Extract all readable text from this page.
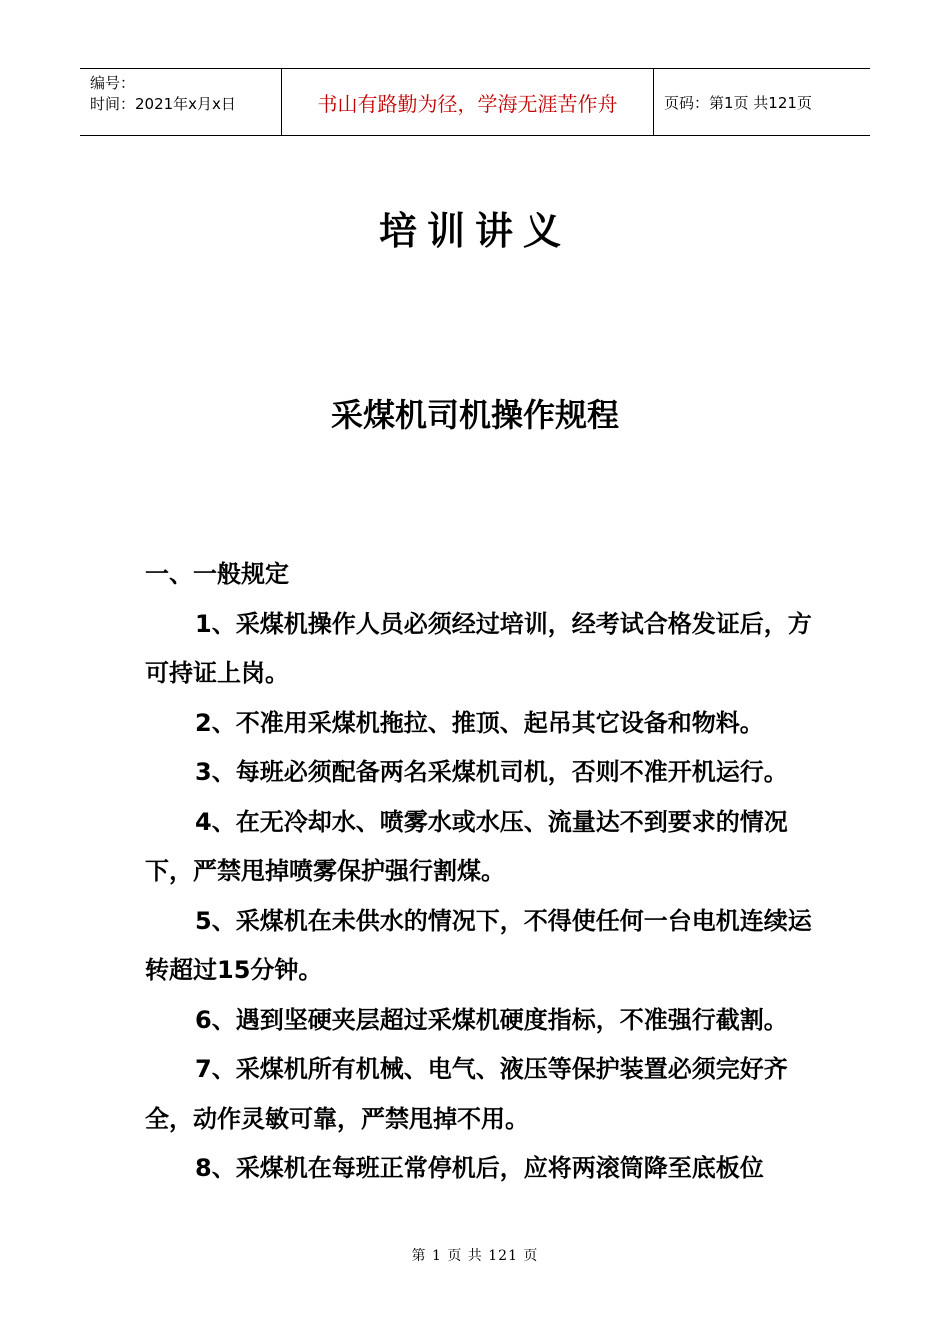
编号：
时间：2021年x月x日	书山有路勤为径，学海无涯苦作舟	页码：第1页 共121页
培训讲义
采煤机司机操作规程

一、一般规定

1、采煤机操作人员必须经过培训，经考试合格发证后，方可持证上岗。

2、不准用采煤机拖拉、推顶、起吊其它设备和物料。

3、每班必须配备两名采煤机司机，否则不准开机运行。

4、在无冷却水、喷雾水或水压、流量达不到要求的情况下，严禁甩掉喷雾保护强行割煤。

5、采煤机在未供水的情况下，不得使任何一台电机连续运转超过15分钟。

6、遇到坚硬夹层超过采煤机硬度指标，不准强行截割。

7、采煤机所有机械、电气、液压等保护装置必须完好齐全，动作灵敏可靠，严禁甩掉不用。

8、采煤机在每班正常停机后，应将两滚筒降至底板位

第 1 页 共 121 页
